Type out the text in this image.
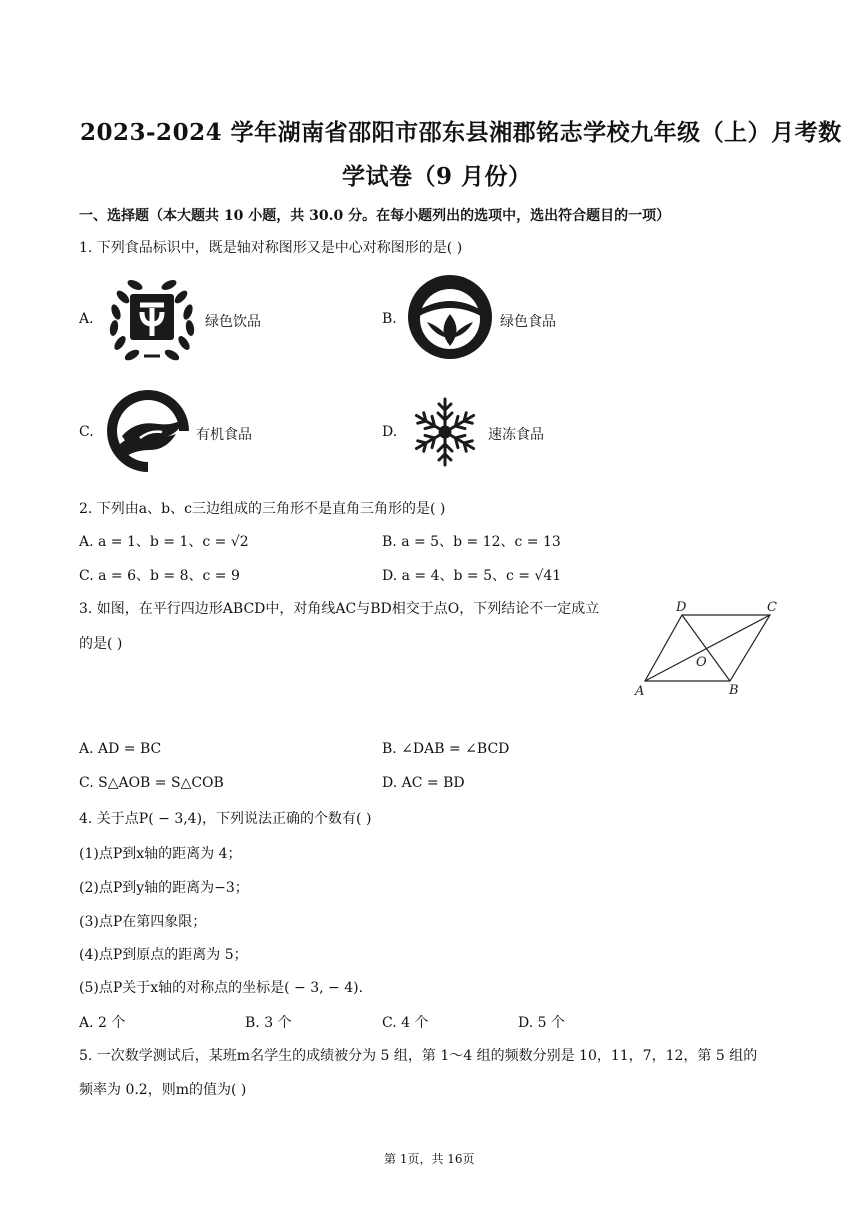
2023-2024 学年湖南省邵阳市邵东县湘郡铭志学校九年级（上）月考数
学试卷（9 月份）
一、选择题（本大题共 10 小题，共 30.0 分。在每小题列出的选项中，选出符合题目的一项）
1. 下列食品标识中，既是轴对称图形又是中心对称图形的是( )
A.	绿色饮品	B.	绿色食品
C.	有机食品	D.	速冻食品
2. 下列由a、b、c三边组成的三角形不是直角三角形的是( )
A. a = 1、b = 1、c = √2	B. a = 5、b = 12、c = 13
C. a = 6、b = 8、c = 9	D. a = 4、b = 5、c = √41
3. 如图，在平行四边形ABCD中，对角线AC与BD相交于点O，下列结论不一定成立
的是( )
A	B
C
D
O
A. AD = BC	B. ∠DAB = ∠BCD
C. S△AOB = S△COB	D. AC = BD
4. 关于点P( − 3,4)，下列说法正确的个数有( )
(1)点P到x轴的距离为 4；
(2)点P到y轴的距离为−3；
(3)点P在第四象限；
(4)点P到原点的距离为 5；
(5)点P关于x轴的对称点的坐标是( − 3, − 4).
A. 2 个	B. 3 个	C. 4 个	D. 5 个
5. 一次数学测试后，某班m名学生的成绩被分为 5 组，第 1～4 组的频数分别是 10，11，7，12，第 5 组的
频率为 0.2，则m的值为( )
第 1页，共 16页
